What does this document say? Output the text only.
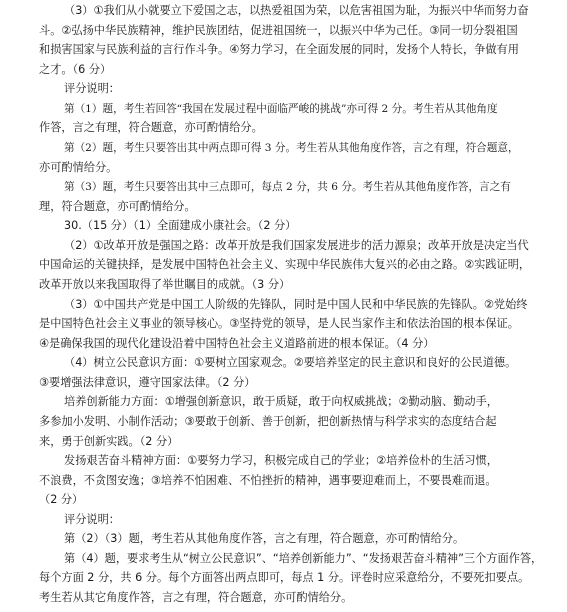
（3）①我们从小就要立下爱国之志，以热爱祖国为荣，以危害祖国为耻，为振兴中华而努力奋
斗。②弘扬中华民族精神，维护民族团结，促进祖国统一，以振兴中华为己任。③同一切分裂祖国
和损害国家与民族利益的言行作斗争。④努力学习，在全面发展的同时，发扬个人特长，争做有用
之才。（6 分）
评分说明：
第（1）题，考生若回答“我国在发展过程中面临严峻的挑战”亦可得 2 分。考生若从其他角度
作答，言之有理，符合题意，亦可酌情给分。
第（2）题，考生只要答出其中两点即可得 3 分。考生若从其他角度作答，言之有理，符合题意，
亦可酌情给分。
第（3）题，考生只要答出其中三点即可，每点 2 分，共 6 分。考生若从其他角度作答，言之有
理，符合题意，亦可酌情给分。
30.（15 分）（1）全面建成小康社会。（2 分）
（2）①改革开放是强国之路：改革开放是我们国家发展进步的活力源泉；改革开放是决定当代
中国命运的关键抉择，是发展中国特色社会主义、实现中华民族伟大复兴的必由之路。②实践证明，
改革开放以来我国取得了举世瞩目的成就。（3 分）
（3）①中国共产党是中国工人阶级的先锋队，同时是中国人民和中华民族的先锋队。②党始终
是中国特色社会主义事业的领导核心。③坚持党的领导，是人民当家作主和依法治国的根本保证。
④是确保我国的现代化建设沿着中国特色社会主义道路前进的根本保证。（4 分）
（4）树立公民意识方面：①要树立国家观念。②要培养坚定的民主意识和良好的公民道德。
③要增强法律意识，遵守国家法律。（2 分）
培养创新能力方面：①增强创新意识，敢于质疑，敢于向权威挑战；②勤动脑、勤动手，
多参加小发明、小制作活动；③要敢于创新、善于创新，把创新热情与科学求实的态度结合起
来，勇于创新实践。（2 分）
发扬艰苦奋斗精神方面：①要努力学习，积极完成自己的学业；②培养俭朴的生活习惯，
不浪费，不贪图安逸；③培养不怕困难、不怕挫折的精神，遇事要迎难而上，不要畏难而退。
（2 分）
评分说明：
第（2）（3）题，考生若从其他角度作答，言之有理，符合题意，亦可酌情给分。
第（4）题，要求考生从“树立公民意识”、“培养创新能力”、“发扬艰苦奋斗精神”三个方面作答，
每个方面 2 分，共 6 分。每个方面答出两点即可，每点 1 分。评卷时应采意给分，不要死扣要点。
考生若从其它角度作答，言之有理，符合题意，亦可酌情给分。
